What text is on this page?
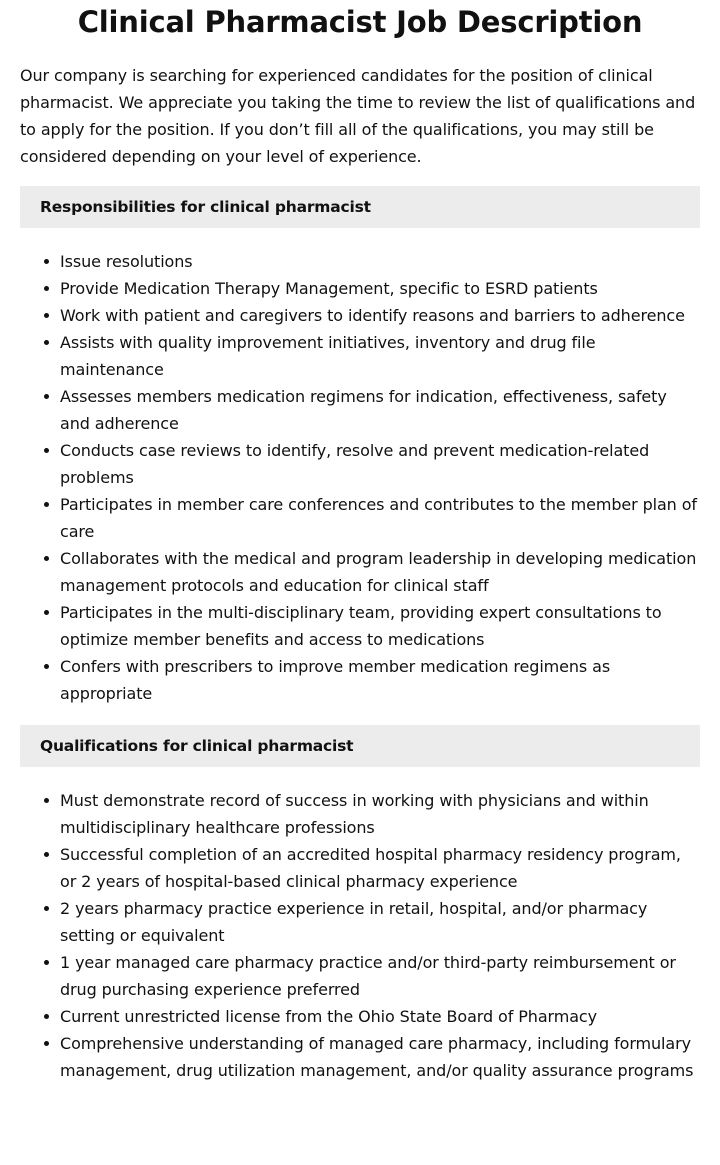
Clinical Pharmacist Job Description

Our company is searching for experienced candidates for the position of clinical pharmacist. We appreciate you taking the time to review the list of qualifications and to apply for the position. If you don’t fill all of the qualifications, you may still be considered depending on your level of experience.

Responsibilities for clinical pharmacist
Issue resolutions
Provide Medication Therapy Management, specific to ESRD patients
Work with patient and caregivers to identify reasons and barriers to adherence
Assists with quality improvement initiatives, inventory and drug file maintenance
Assesses members medication regimens for indication, effectiveness, safety and adherence
Conducts case reviews to identify, resolve and prevent medication-related problems
Participates in member care conferences and contributes to the member plan of care
Collaborates with the medical and program leadership in developing medication management protocols and education for clinical staff
Participates in the multi-disciplinary team, providing expert consultations to optimize member benefits and access to medications
Confers with prescribers to improve member medication regimens as appropriate
Qualifications for clinical pharmacist
Must demonstrate record of success in working with physicians and within multidisciplinary healthcare professions
Successful completion of an accredited hospital pharmacy residency program, or 2 years of hospital-based clinical pharmacy experience
2 years pharmacy practice experience in retail, hospital, and/or pharmacy setting or equivalent
1 year managed care pharmacy practice and/or third-party reimbursement or drug purchasing experience preferred
Current unrestricted license from the Ohio State Board of Pharmacy
Comprehensive understanding of managed care pharmacy, including formulary management, drug utilization management, and/or quality assurance programs
